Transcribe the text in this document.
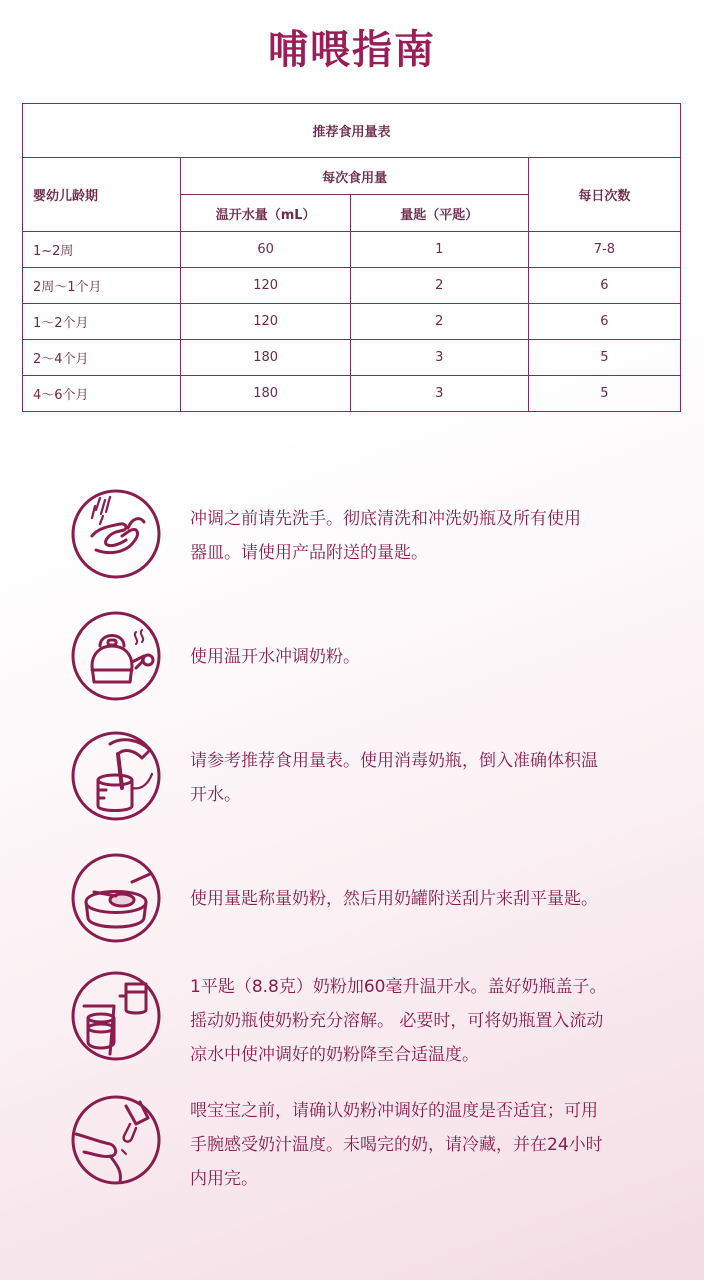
哺喂指南
推荐食用量表			
婴幼儿龄期	每次食用量		每日次数
	温开水量（mL）	量匙（平匙）	
1~2周	60	1	7-8
2周～1个月	120	2	6
1～2个月	120	2	6
2～4个月	180	3	5
4～6个月	180	3	5
冲调之前请先洗手。彻底清洗和冲洗奶瓶及所有使用
器皿。请使用产品附送的量匙。
使用温开水冲调奶粉。
请参考推荐食用量表。使用消毒奶瓶，倒入准确体积温
开水。
使用量匙称量奶粉，然后用奶罐附送刮片来刮平量匙。
1平匙（8.8克）奶粉加60毫升温开水。盖好奶瓶盖子。
摇动奶瓶使奶粉充分溶解。 必要时，可将奶瓶置入流动
凉水中使冲调好的奶粉降至合适温度。
喂宝宝之前，请确认奶粉冲调好的温度是否适宜；可用
手腕感受奶汁温度。未喝完的奶，请冷藏，并在24小时
内用完。
